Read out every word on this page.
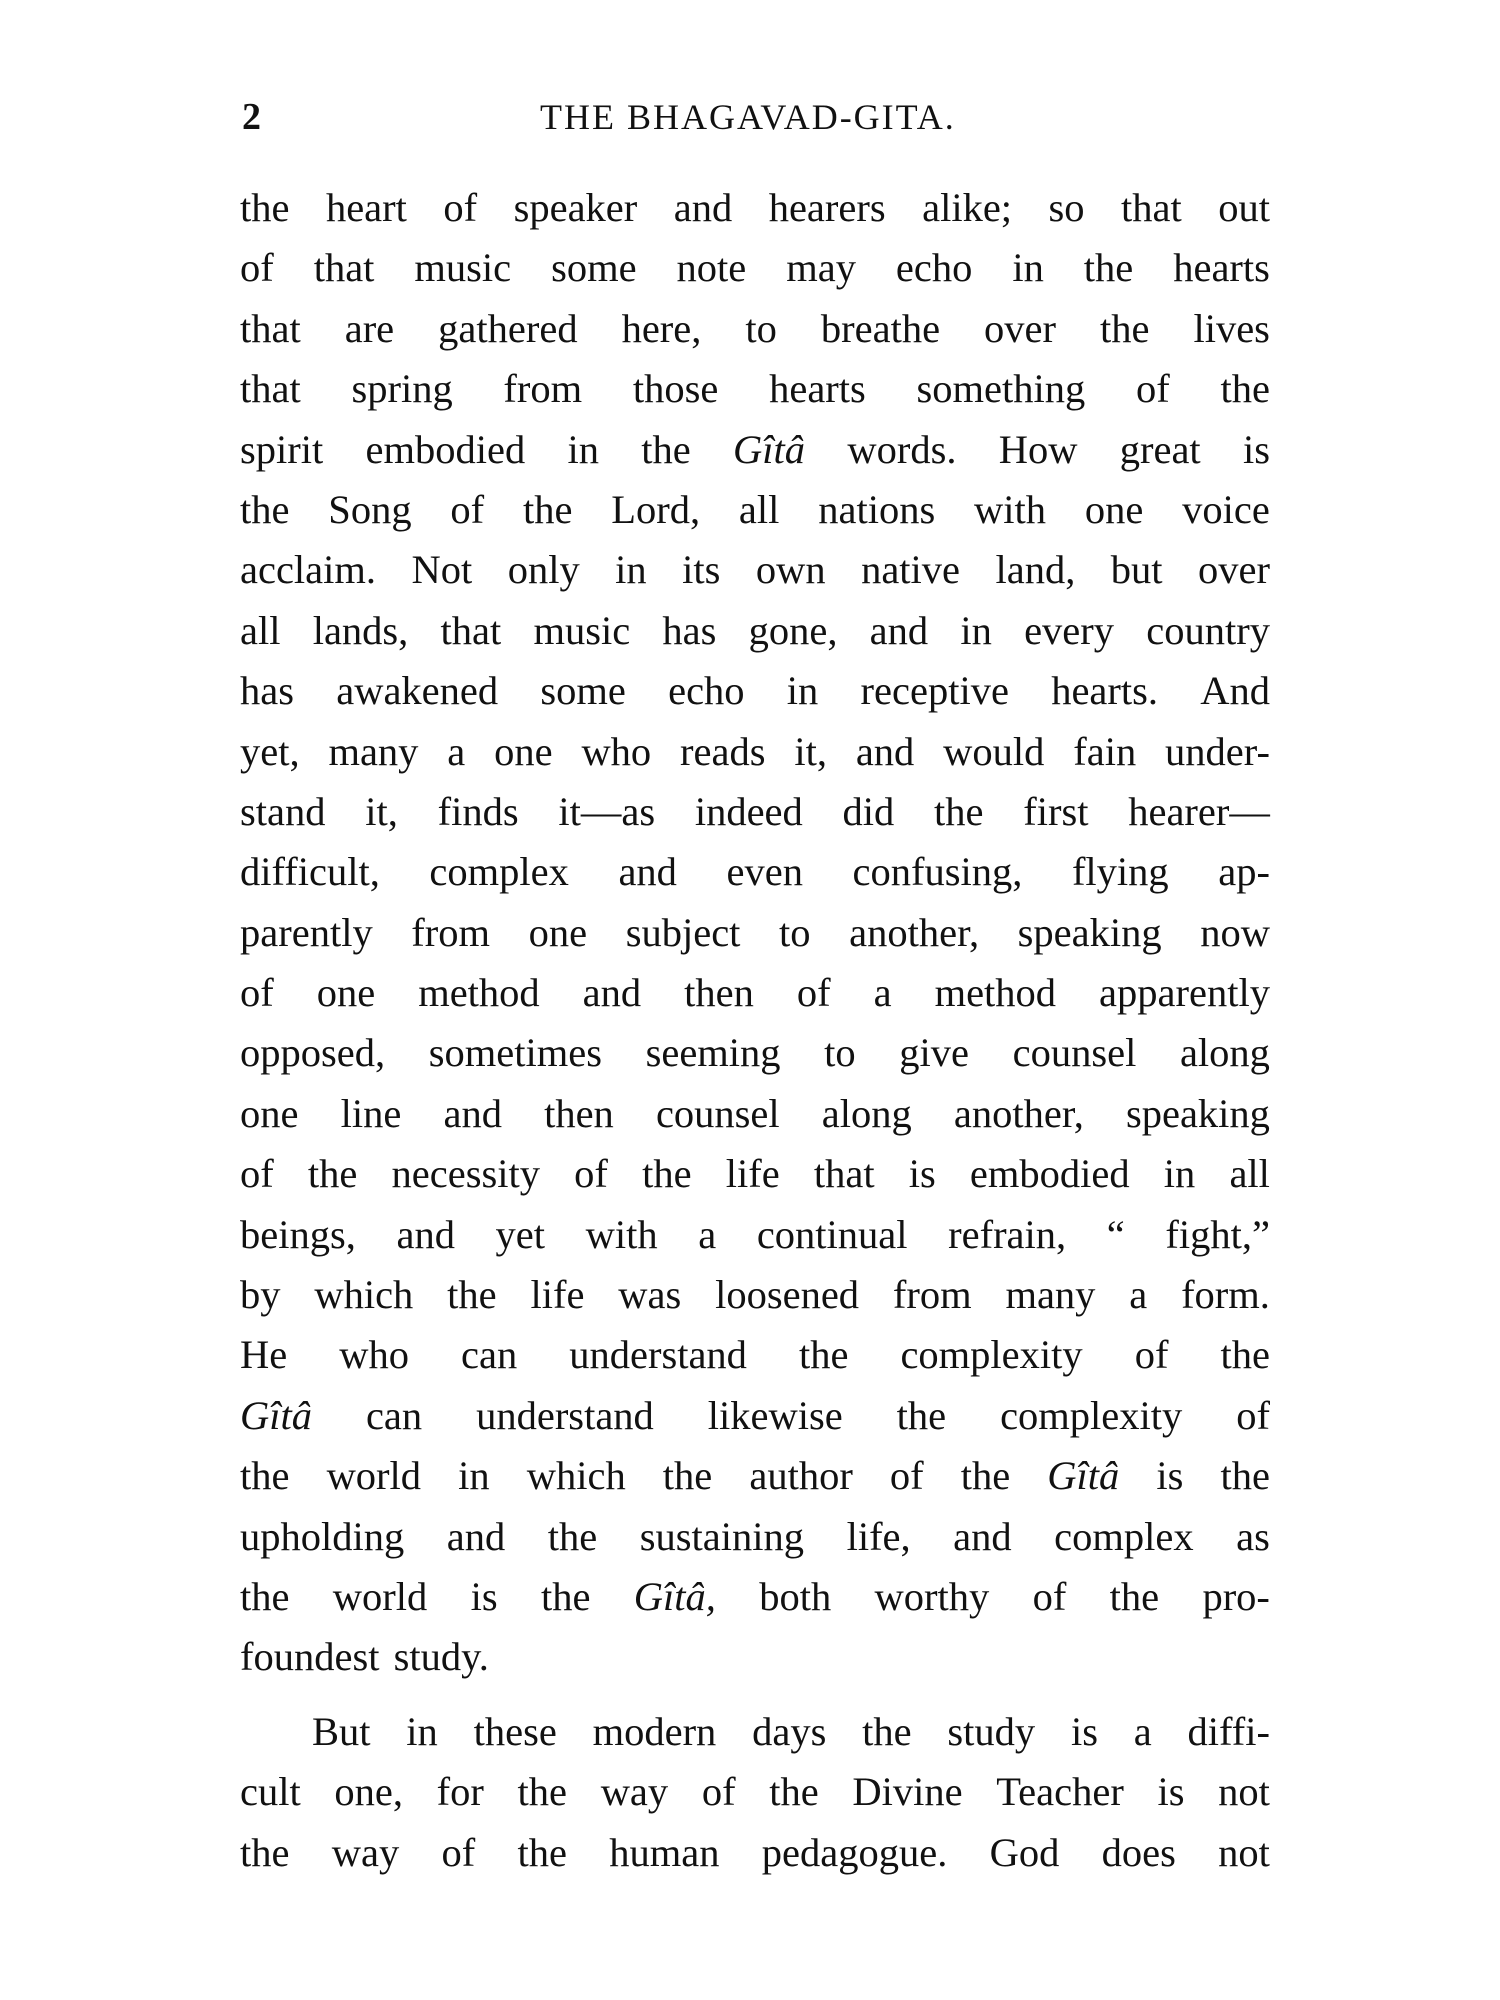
2	THE BHAGAVAD-GITA.
the heart of speaker and hearers alike; so that out
of that music some note may echo in the hearts
that are gathered here, to breathe over the lives
that spring from those hearts something of the
spirit embodied in the Gîtâ words. How great is
the Song of the Lord, all nations with one voice
acclaim. Not only in its own native land, but over
all lands, that music has gone, and in every country
has awakened some echo in receptive hearts. And
yet, many a one who reads it, and would fain under-
stand it, finds it—as indeed did the first hearer—
difficult, complex and even confusing, flying ap-
parently from one subject to another, speaking now
of one method and then of a method apparently
opposed, sometimes seeming to give counsel along
one line and then counsel along another, speaking
of the necessity of the life that is embodied in all
beings, and yet with a continual refrain, “ fight,”
by which the life was loosened from many a form.
He who can understand the complexity of the
Gîtâ can understand likewise the complexity of
the world in which the author of the Gîtâ is the
upholding and the sustaining life, and complex as
the world is the Gîtâ, both worthy of the pro-
foundest study.
But in these modern days the study is a diffi-
cult one, for the way of the Divine Teacher is not
the way of the human pedagogue. God does not
